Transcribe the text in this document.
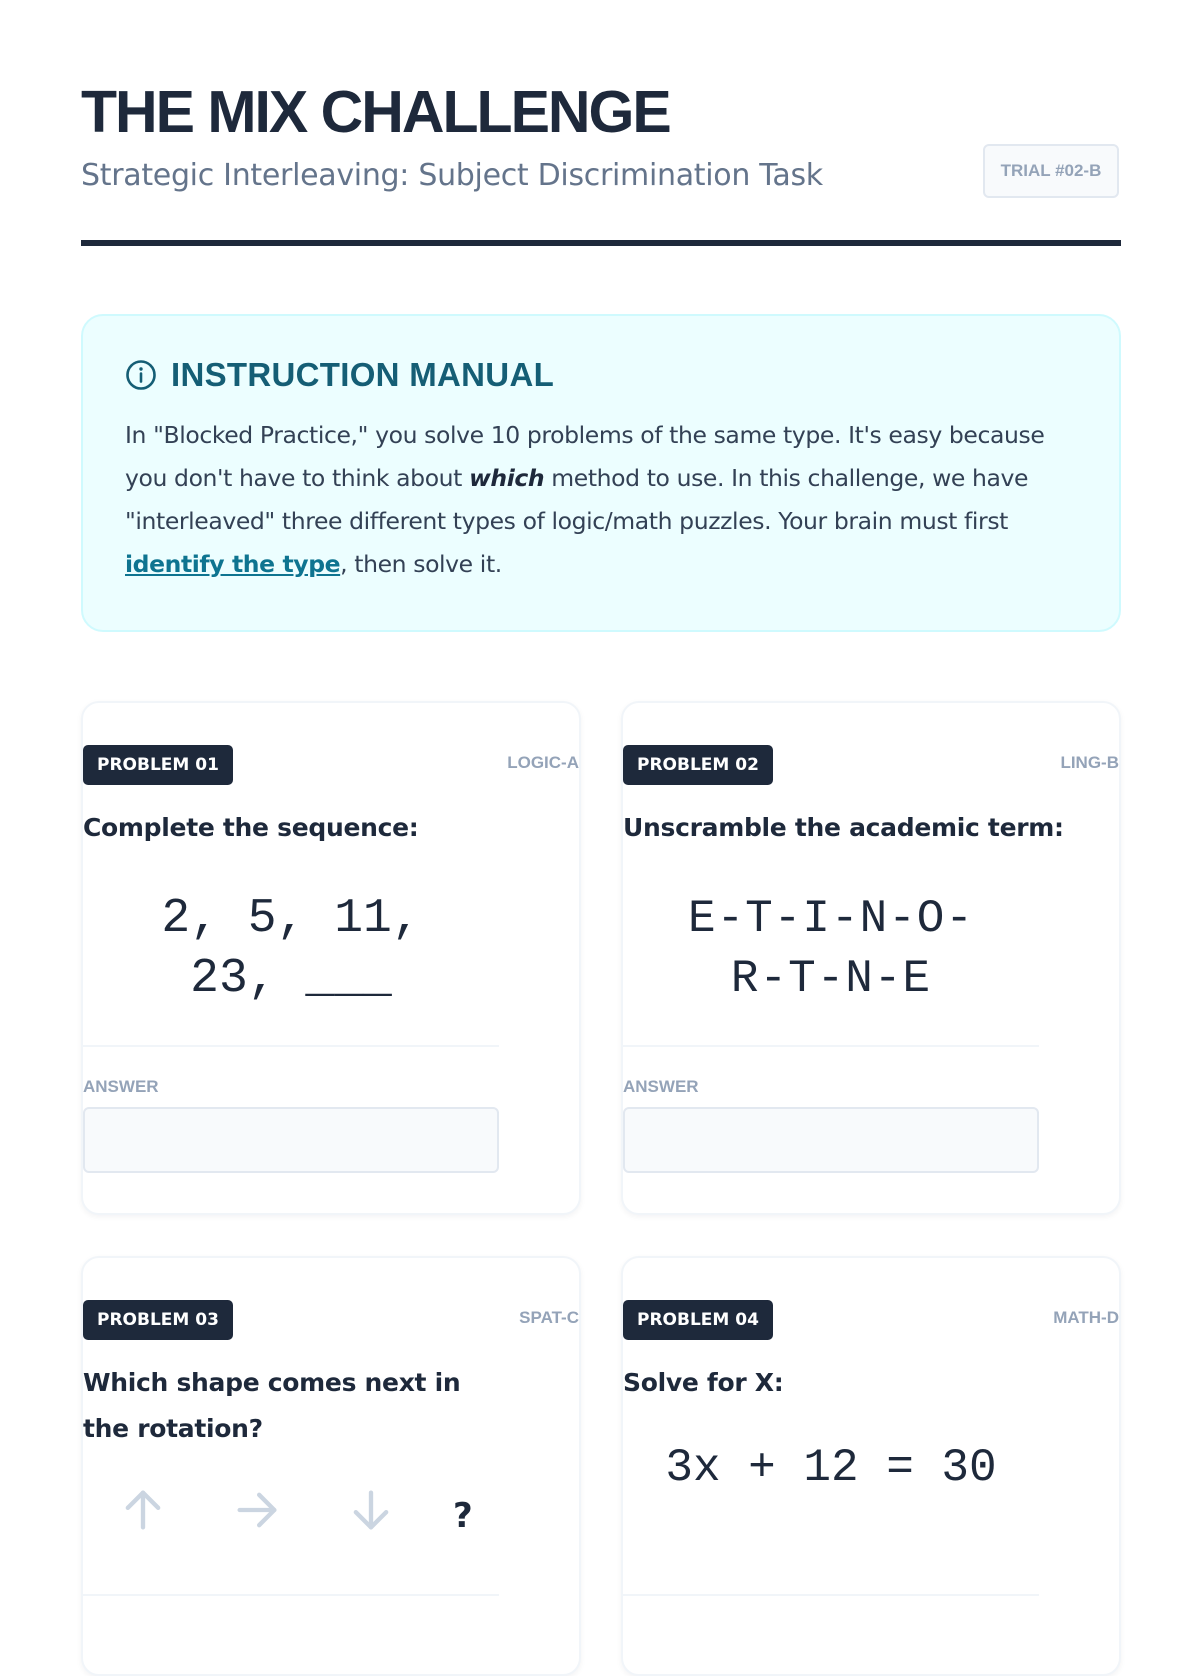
THE MIX CHALLENGE
Strategic Interleaving: Subject Discrimination Task	TRIAL #02-B
INSTRUCTION MANUAL

In "Blocked Practice," you solve 10 problems of the same type. It's easy because you don't have to think about which method to use. In this challenge, we have "interleaved" three different types of logic/math puzzles. Your brain must first identify the type, then solve it.

PROBLEM 01	LOGIC-A
Complete the sequence:
2, 5, 11,
23, ___
ANSWER
PROBLEM 02	LING-B
Unscramble the academic term:
E-T-I-N-O-
R-T-N-E
ANSWER
PROBLEM 03	SPAT-C
Which shape comes next in the rotation?
?
PROBLEM 04	MATH-D
Solve for X:
3x + 12 = 30
